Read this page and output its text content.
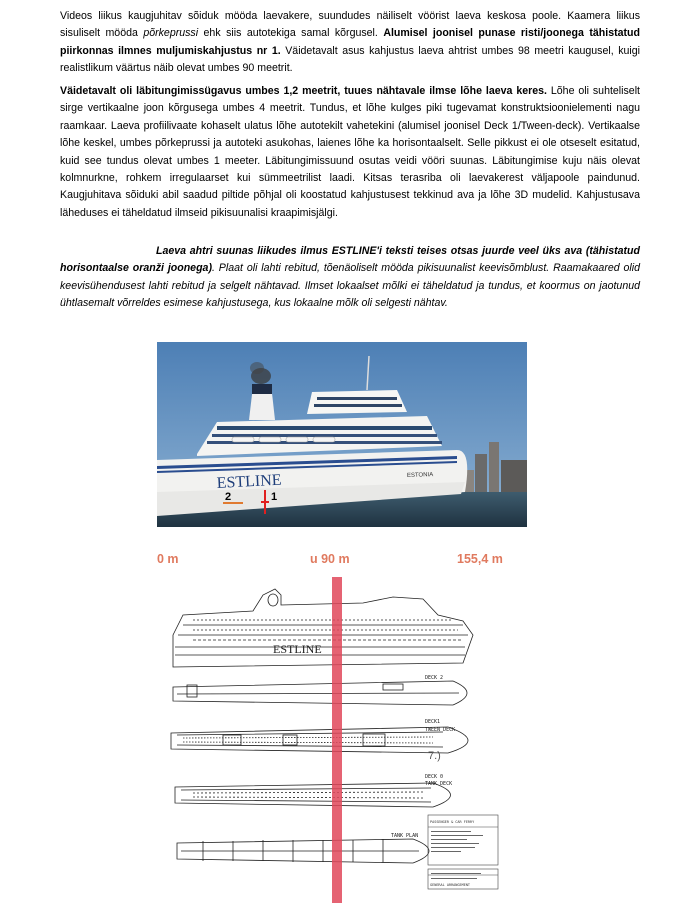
Videos liikus kaugjuhitav sõiduk mööda laevakere, suundudes näiliselt vöörist laeva keskosa poole. Kaamera liikus sisuliselt mööda põrkeprussi ehk siis autotekiga samal kõrgusel. Alumisel joonisel punase risti/joonega tähistatud piirkonnas ilmnes muljumiskahjustus nr 1. Väidetavalt asus kahjustus laeva ahtrist umbes 98 meetri kaugusel, kuigi realistlikum väärtus näib olevat umbes 90 meetrit.

Väidetavalt oli läbitungimissügavus umbes 1,2 meetrit, tuues nähtavale ilmse lõhe laeva keres. Lõhe oli suhteliselt sirge vertikaalne joon kõrgusega umbes 4 meetrit. Tundus, et lõhe kulges piki tugevamat konstruktsioonielementi nagu raamkaar. Laeva profiilivaate kohaselt ulatus lõhe autotekilt vahetekini (alumisel joonisel Deck 1/Tween-deck). Vertikaalse lõhe keskel, umbes põrkeprussi ja autoteki asukohas, laienes lõhe ka horisontaalselt. Selle pikkust ei ole otseselt esitatud, kuid see tundus olevat umbes 1 meeter. Läbitungimissuund osutas veidi vööri suunas. Läbitungimise kuju näis olevat kolmnurkne, rohkem irregulaarset kui sümmeetrilist laadi. Kitsas terasriba oli laevakerest väljapoole paindunud. Kaugjuhitava sõiduki abil saadud piltide põhjal oli koostatud kahjustusest tekkinud ava ja lõhe 3D mudelid. Kahjustusava läheduses ei täheldatud ilmseid pikisuunalisi kraapimisjälgi.

Laeva ahtri suunas liikudes ilmus ESTLINE'i teksti teises otsas juurde veel üks ava (tähistatud horisontaalse oranži joonega). Plaat oli lahti rebitud, tõenäoliselt mööda pikisuunalist keevisõmblust. Raamakaared olid keevisühendusest lahti rebitud ja selgelt nähtavad. Ilmset lokaalset mõlki ei täheldatud ja tundus, et koormus on jaotunud ühtlasemalt võrreldes esimese kahjustusega, kus lokaalne mõlk oli selgesti nähtav.

ESTLINE	ESTONIA
2	1
0 m	u 90 m	155,4 m
ESTLINE
DECK 2
DECK1
TWEEN DECK
DECK 0
TANK DECK
TANK PLAN
7.)
PASSENGER & CAR FERRY
GENERAL ARRANGEMENT
